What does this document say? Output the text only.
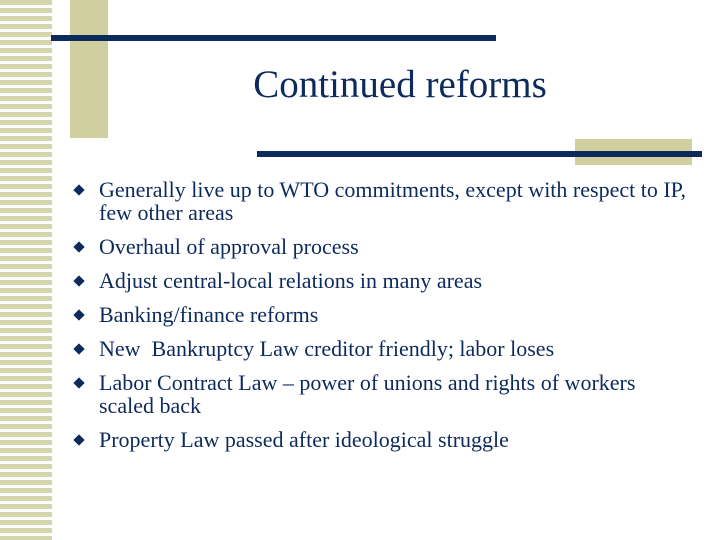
Continued reforms
Generally live up to WTO commitments, except with respect to IP, few other areas
Overhaul of approval process
Adjust central-local relations in many areas
Banking/finance reforms
New  Bankruptcy Law creditor friendly; labor loses
Labor Contract Law – power of unions and rights of workers scaled back
Property Law passed after ideological struggle
